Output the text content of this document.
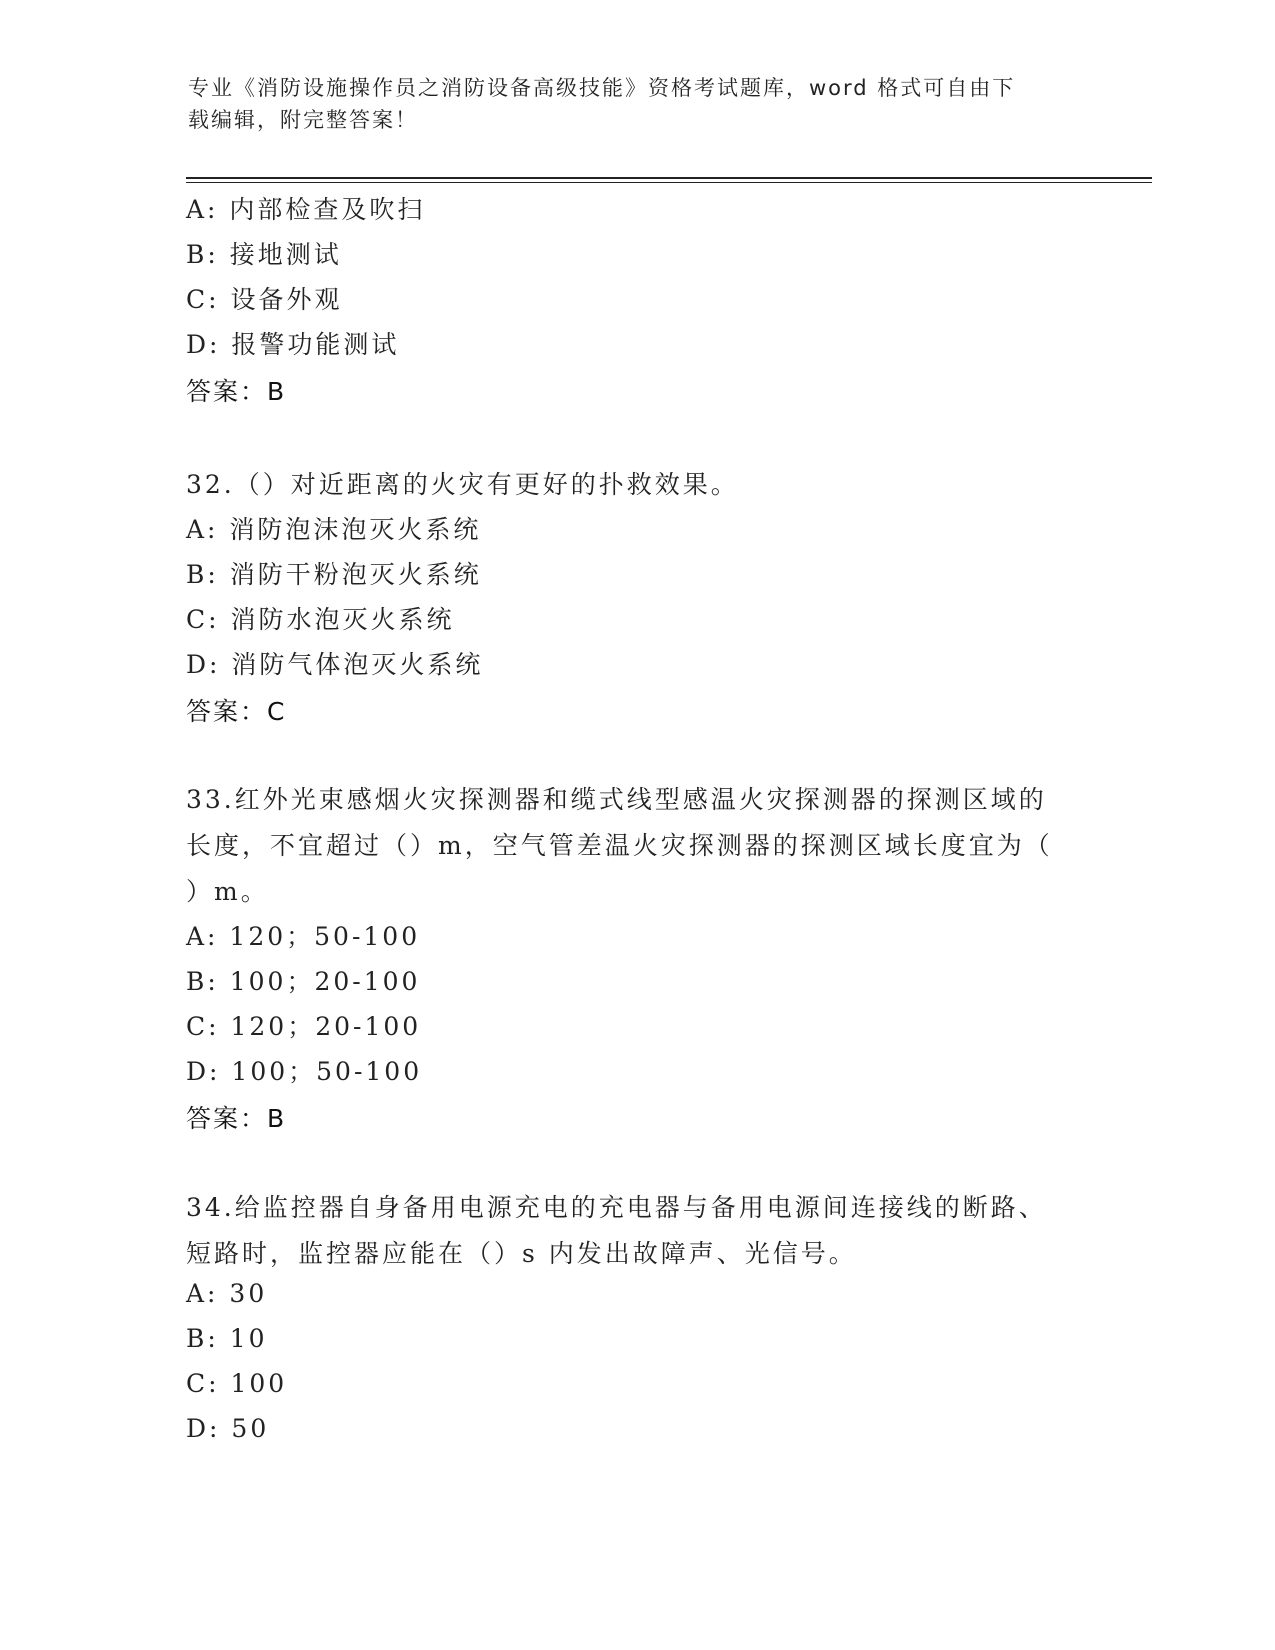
专业《消防设施操作员之消防设备高级技能》资格考试题库，word 格式可自由下
载编辑，附完整答案！
A: 内部检查及吹扫
B: 接地测试
C: 设备外观
D: 报警功能测试
答案：B
32.（）对近距离的火灾有更好的扑救效果。
A: 消防泡沫泡灭火系统
B: 消防干粉泡灭火系统
C: 消防水泡灭火系统
D: 消防气体泡灭火系统
答案：C
33.红外光束感烟火灾探测器和缆式线型感温火灾探测器的探测区域的
长度，不宜超过（）m，空气管差温火灾探测器的探测区域长度宜为（
）m。
A: 120；50-100
B: 100；20-100
C: 120；20-100
D: 100；50-100
答案：B
34.给监控器自身备用电源充电的充电器与备用电源间连接线的断路、
短路时，监控器应能在（）s 内发出故障声、光信号。
A: 30
B: 10
C: 100
D: 50
